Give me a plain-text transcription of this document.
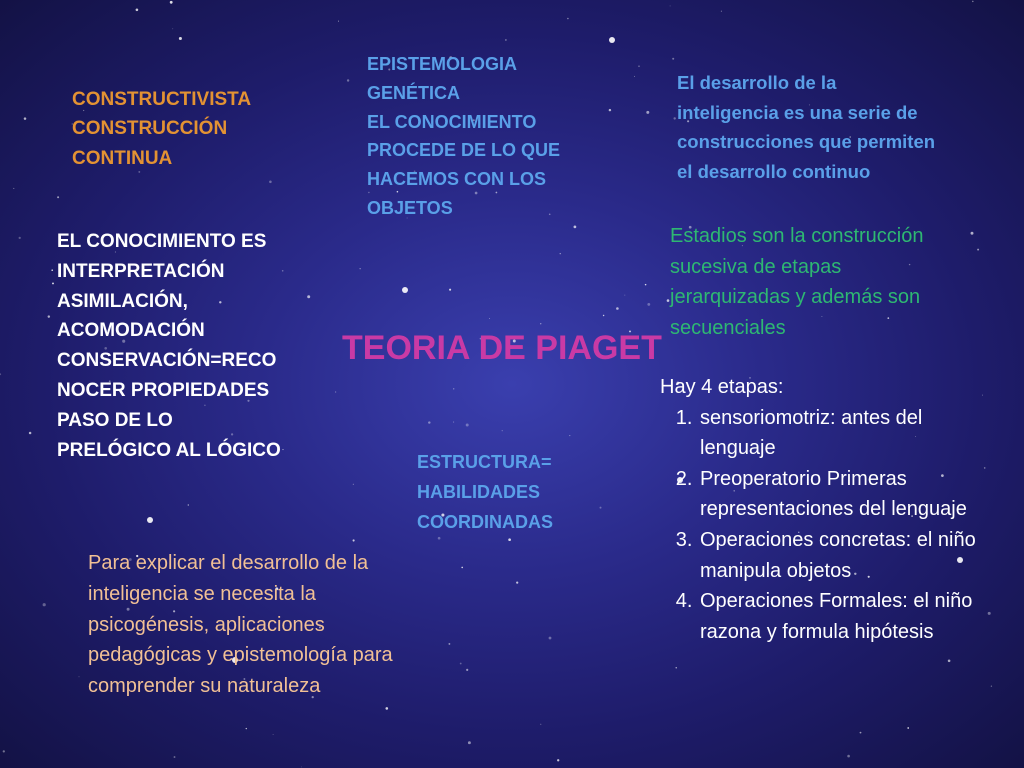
CONSTRUCTIVISTA
CONSTRUCCIÓN
CONTINUA
EPISTEMOLOGIA
GENÉTICA
EL CONOCIMIENTO
PROCEDE DE LO QUE
HACEMOS CON LOS
OBJETOS
El desarrollo de la
inteligencia es una serie de
construcciones que permiten
el desarrollo continuo
EL CONOCIMIENTO ES
INTERPRETACIÓN
ASIMILACIÓN,
ACOMODACIÓN
CONSERVACIÓN=RECO
NOCER PROPIEDADES
PASO DE LO
PRELÓGICO AL LÓGICO
Estadios son la construcción
sucesiva de etapas
jerarquizadas y además son
secuenciales
TEORIA DE PIAGET
Hay 4 etapas:
1. sensoriomotriz: antes del lenguaje
2. Preoperatorio Primeras representaciones del lenguaje
3. Operaciones concretas: el niño manipula objetos
4. Operaciones Formales: el niño razona y formula hipótesis
ESTRUCTURA=
HABILIDADES
COORDINADAS
Para explicar el desarrollo de la
inteligencia se necesita la
psicogénesis, aplicaciones
pedagógicas y epistemología para
comprender su naturaleza
